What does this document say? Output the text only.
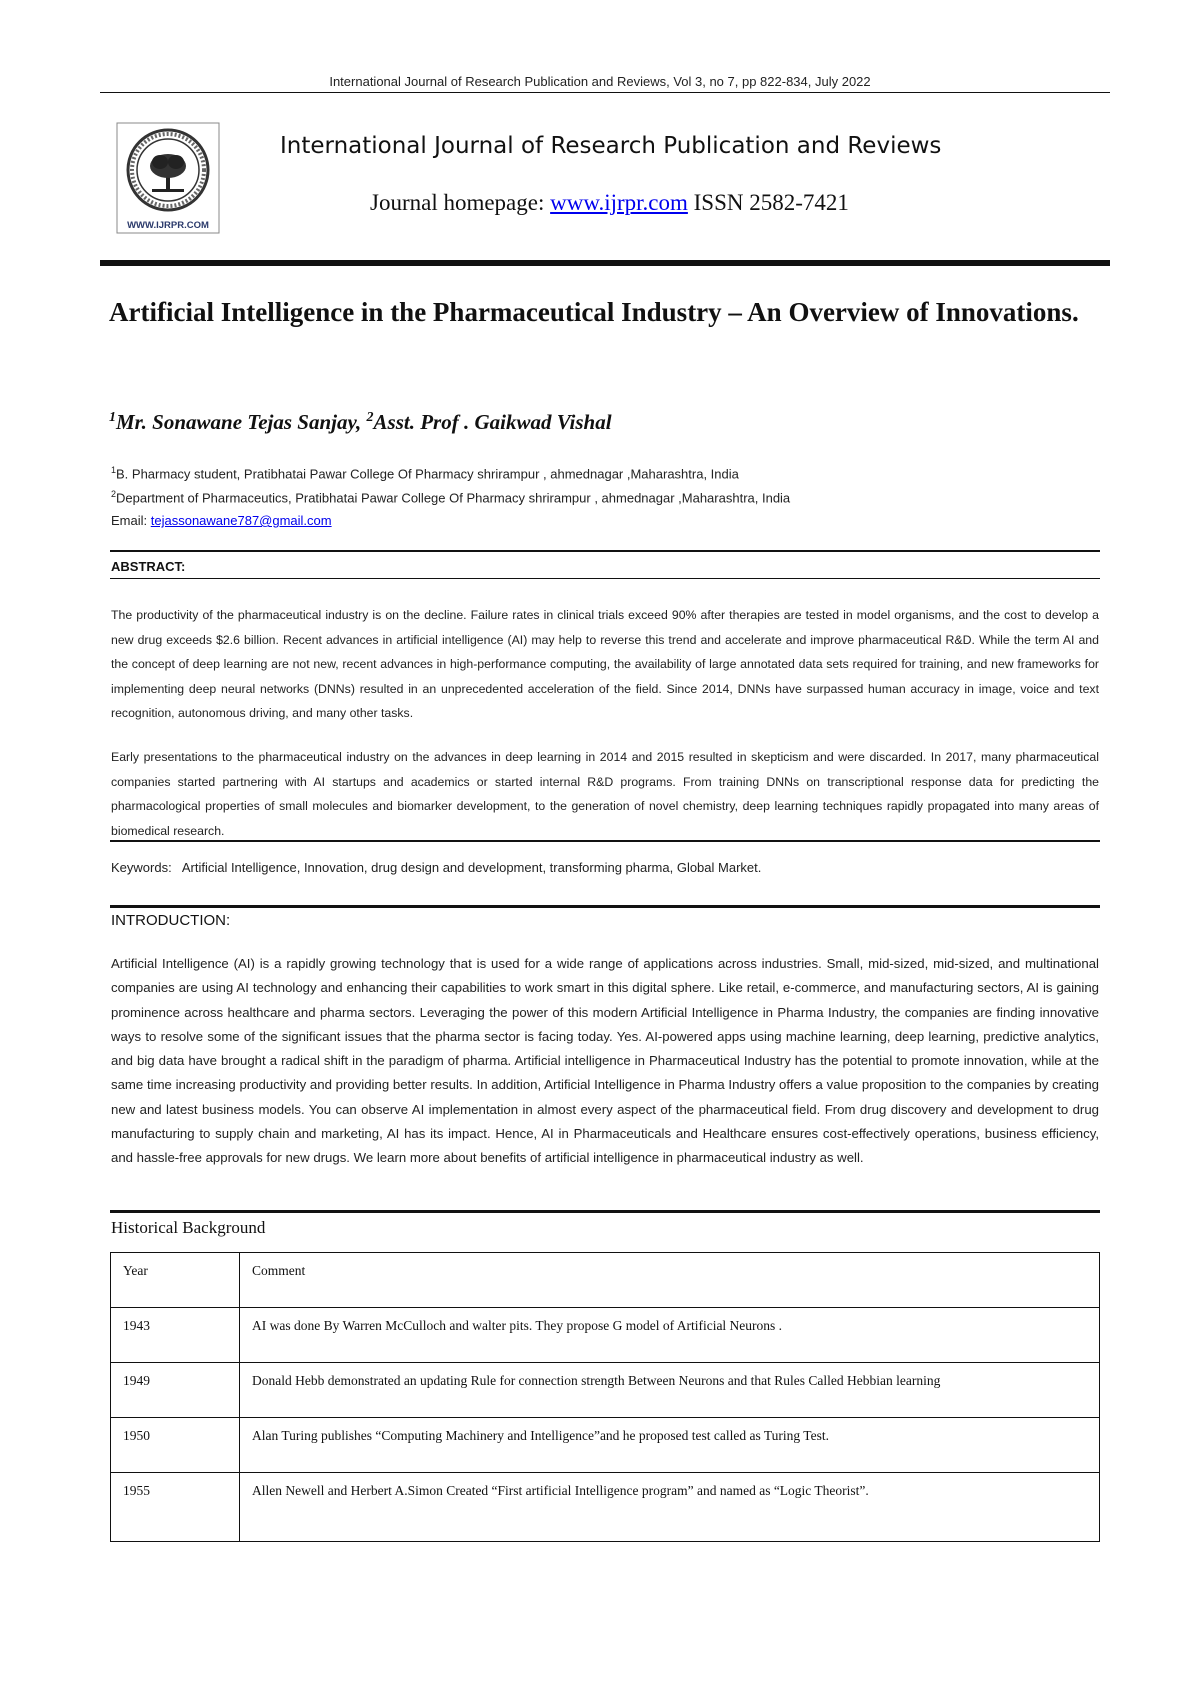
International Journal of Research Publication and Reviews, Vol 3, no 7, pp 822-834, July 2022
WWW.IJRPR.COM
International Journal of Research Publication and Reviews
Journal homepage: www.ijrpr.com ISSN 2582-7421
Artificial Intelligence in the Pharmaceutical Industry – An Overview of Innovations.
$^1$Mr. Sonawane Tejas Sanjay, $^2$Asst. Prof . Gaikwad Vishal
$^1$B. Pharmacy student, Pratibhatai Pawar College Of Pharmacy shrirampur , ahmednagar ,Maharashtra, India
$^2$Department of Pharmaceutics, Pratibhatai Pawar College Of Pharmacy shrirampur , ahmednagar ,Maharashtra, India
Email: tejassonawane787@gmail.com
ABSTRACT:

The productivity of the pharmaceutical industry is on the decline. Failure rates in clinical trials exceed 90% after therapies are tested in model organisms, and the cost to develop a new drug exceeds $2.6 billion. Recent advances in artificial intelligence (AI) may help to reverse this trend and accelerate and improve pharmaceutical R&D. While the term AI and the concept of deep learning are not new, recent advances in high-performance computing, the availability of large annotated data sets required for training, and new frameworks for implementing deep neural networks (DNNs) resulted in an unprecedented acceleration of the field. Since 2014, DNNs have surpassed human accuracy in image, voice and text recognition, autonomous driving, and many other tasks.

Early presentations to the pharmaceutical industry on the advances in deep learning in 2014 and 2015 resulted in skepticism and were discarded. In 2017, many pharmaceutical companies started partnering with AI startups and academics or started internal R&D programs. From training DNNs on transcriptional response data for predicting the pharmacological properties of small molecules and biomarker development, to the generation of novel chemistry, deep learning techniques rapidly propagated into many areas of biomedical research.

Keywords: Artificial Intelligence, Innovation, drug design and development, transforming pharma, Global Market.
INTRODUCTION:

Artificial Intelligence (AI) is a rapidly growing technology that is used for a wide range of applications across industries. Small, mid-sized, mid-sized, and multinational companies are using AI technology and enhancing their capabilities to work smart in this digital sphere. Like retail, e-commerce, and manufacturing sectors, AI is gaining prominence across healthcare and pharma sectors. Leveraging the power of this modern Artificial Intelligence in Pharma Industry, the companies are finding innovative ways to resolve some of the significant issues that the pharma sector is facing today. Yes. AI-powered apps using machine learning, deep learning, predictive analytics, and big data have brought a radical shift in the paradigm of pharma. Artificial intelligence in Pharmaceutical Industry has the potential to promote innovation, while at the same time increasing productivity and providing better results. In addition, Artificial Intelligence in Pharma Industry offers a value proposition to the companies by creating new and latest business models. You can observe AI implementation in almost every aspect of the pharmaceutical field. From drug discovery and development to drug manufacturing to supply chain and marketing, AI has its impact. Hence, AI in Pharmaceuticals and Healthcare ensures cost-effectively operations, business efficiency, and hassle-free approvals for new drugs. We learn more about benefits of artificial intelligence in pharmaceutical industry as well.

Historical Background
Year	Comment
1943	AI was done By Warren McCulloch and walter pits. They propose G model of Artificial Neurons .
1949	Donald Hebb demonstrated an updating Rule for connection strength Between Neurons and that Rules Called Hebbian learning
1950	Alan Turing publishes “Computing Machinery and Intelligence”and he proposed test called as Turing Test.
1955	Allen Newell and Herbert A.Simon Created “First artificial Intelligence program” and named as “Logic Theorist”.
